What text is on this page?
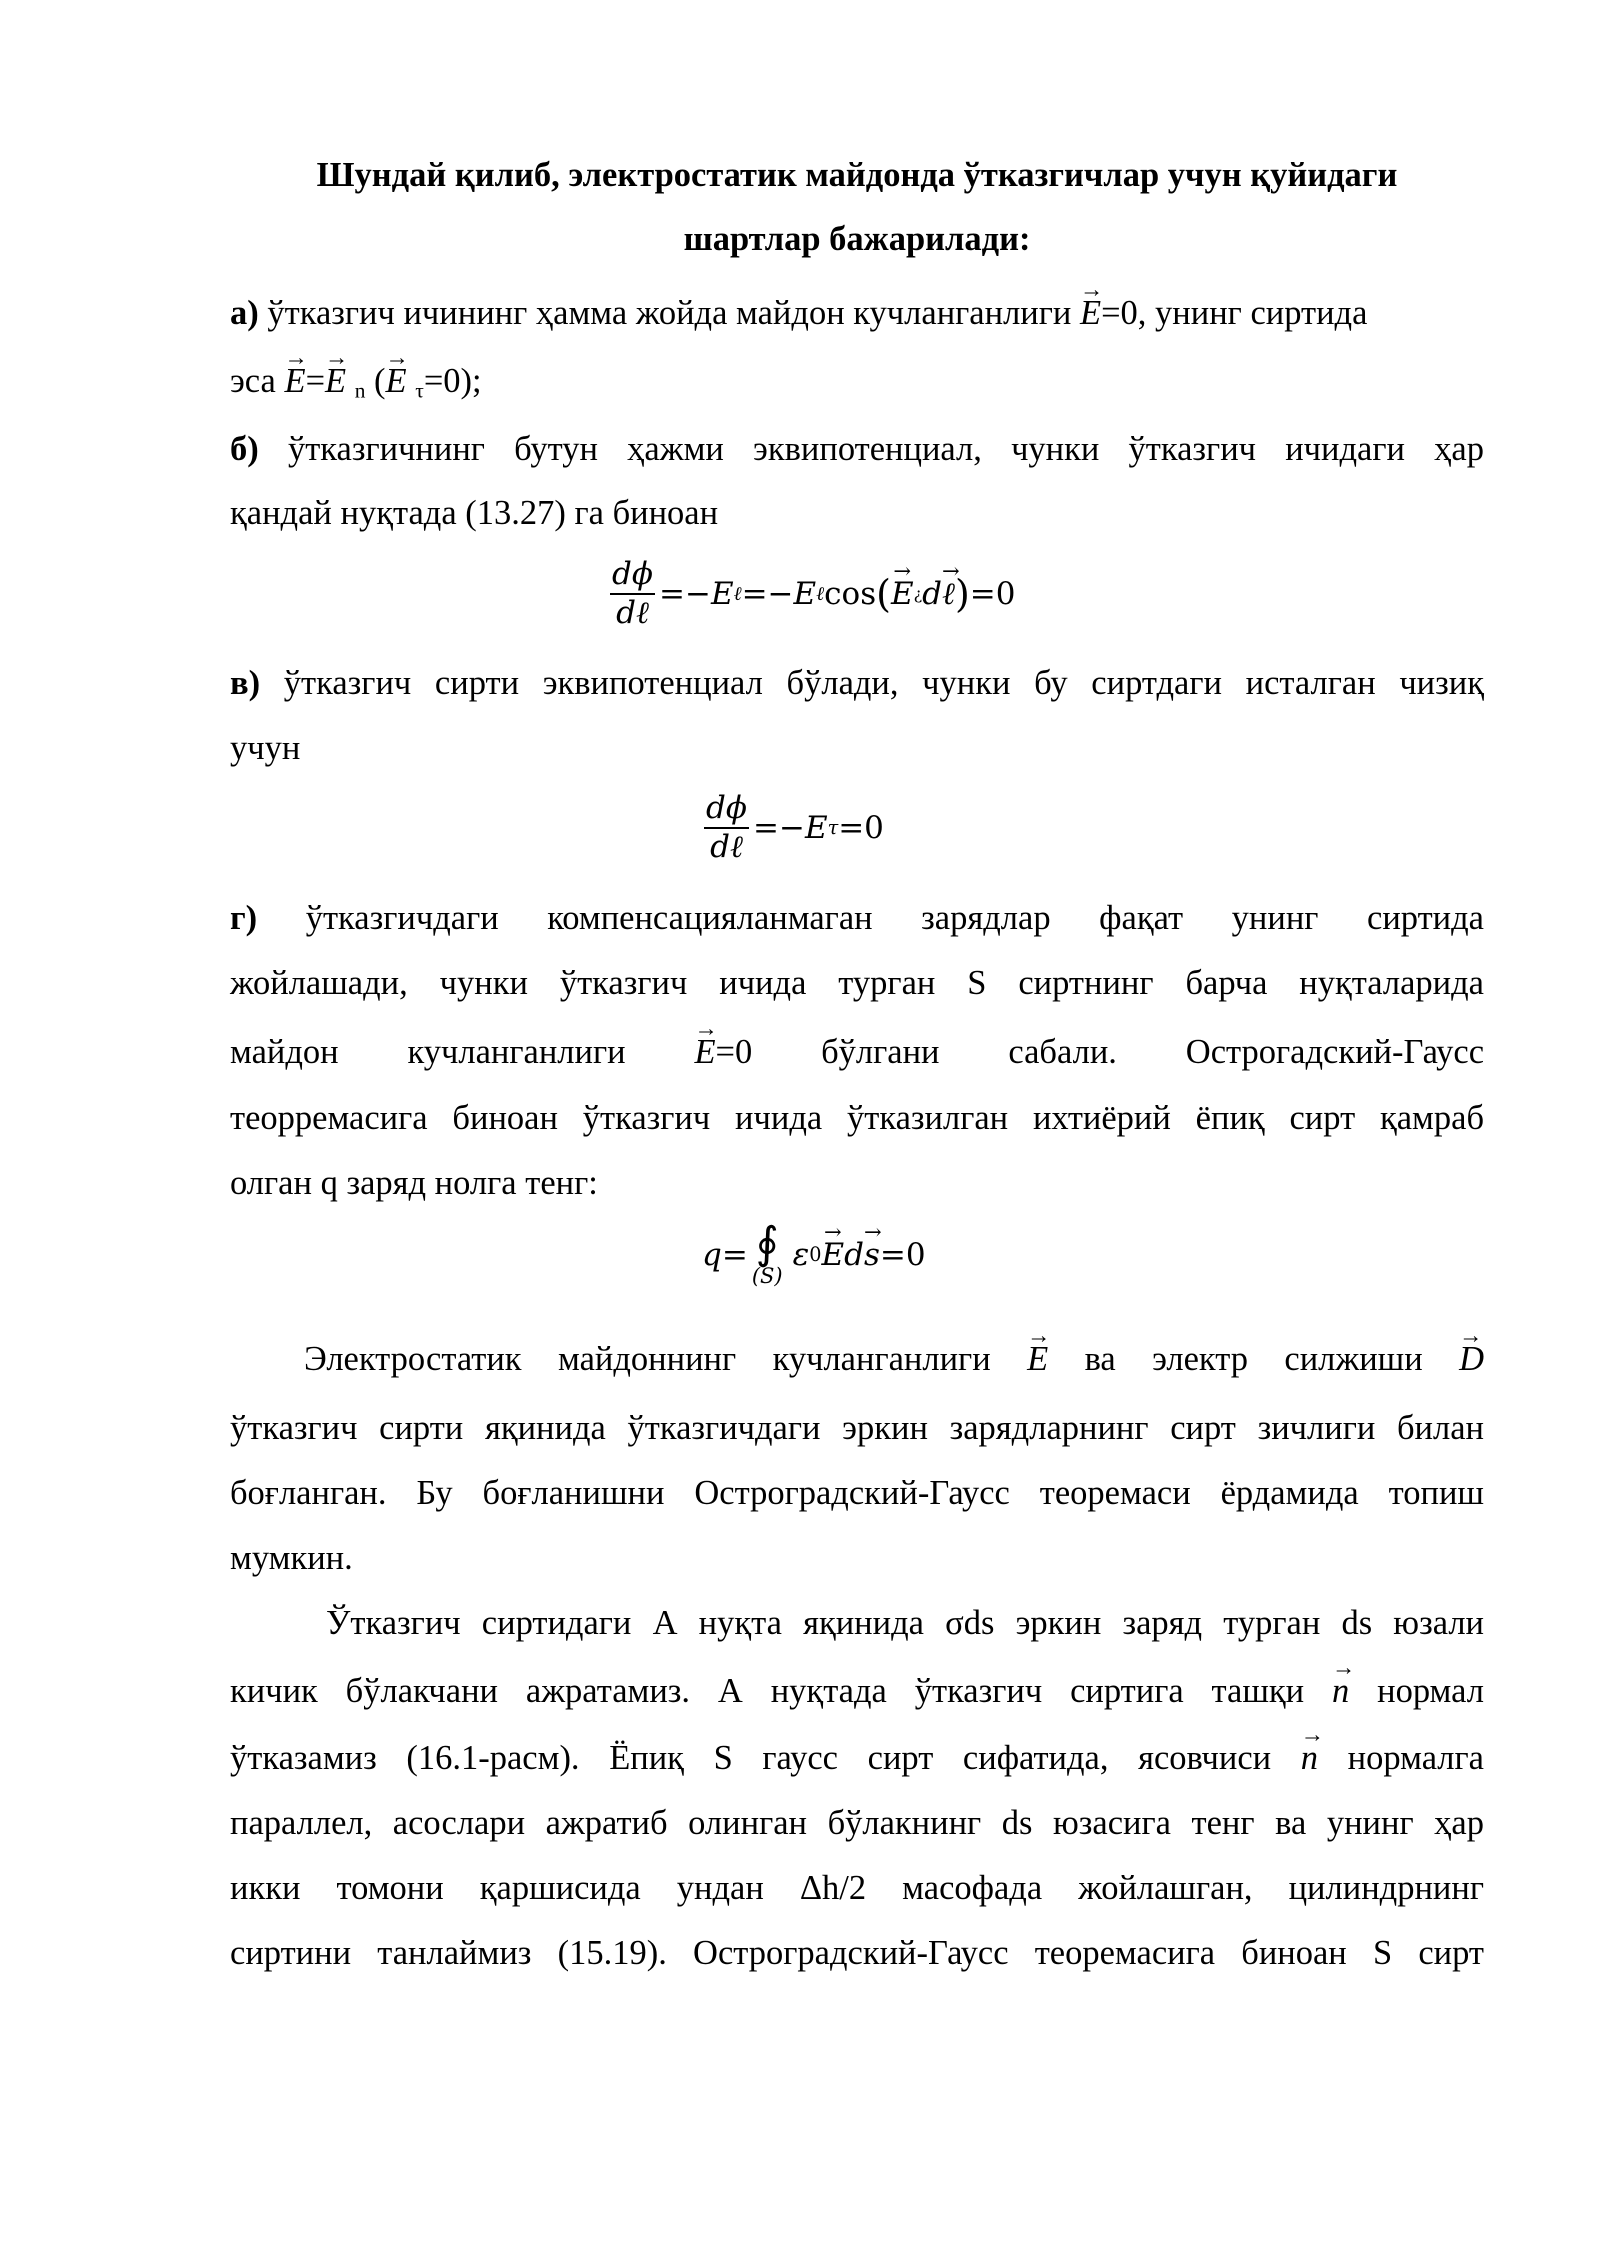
Шундай қилиб, электростатик майдонда ўтказгичлар учун қуйидаги
шартлар бажарилади:
а) ўтказгич ичининг ҳамма жойда майдон кучланганлиги → E=0, унинг сиртида
эса → E=→ E $_n$ (→ E $_\tau$=0);
б) ўтказгичнинг бутун ҳажми эквипотенциал, чунки ўтказгич ичидаги ҳар
қандай нуқтада (13.27) га биноан
$\frac{d\phi}{\text{dℓ}} =- E$ ℓ =− E ℓ cos ( → E ¿ d → ℓ ) =0
в) ўтказгич сирти эквипотенциал бўлади, чунки бу сиртдаги исталган чизиқ
учун
$\frac{d\phi}{\text{dℓ}} =- E$ τ =0
г) ўтказгичдаги компенсацияланмаган зарядлар фақат унинг сиртида
жойлашади, чунки ўтказгич ичида турган S сиртнинг барча нуқталарида
майдон кучланганлиги → E=0 бўлгани сабали. Острогадский-Гаусс
теорремасига биноан ўтказгич ичида ўтказилган ихтиёрий ёпиқ сирт қамраб
олган q заряд нолга тенг:
q= ∮
(S)
ε 0 → E d → s =0
Электростатик майдоннинг кучланганлиги → E ва электр силжиши → D
ўтказгич сирти яқинида ўтказгичдаги эркин зарядларнинг сирт зичлиги билан
боғланган. Бу боғланишни Остроградский-Гаусс теоремаси ёрдамида топиш
мумкин.
Ўтказгич сиртидаги А нуқта яқинида σds эркин заряд турган ds юзали
кичик бўлакчани ажратамиз. А нуқтада ўтказгич сиртига ташқи → n нормал
ўтказамиз (16.1-расм). Ёпиқ S гаусс сирт сифатида, ясовчиси → n нормалга
параллел, асослари ажратиб олинган бўлакнинг ds юзасига тенг ва унинг ҳар
икки томони қаршисида ундан Δh/2 масофада жойлашган, цилиндрнинг
сиртини танлаймиз (15.19). Остроградский-Гаусс теоремасига биноан S сирт
